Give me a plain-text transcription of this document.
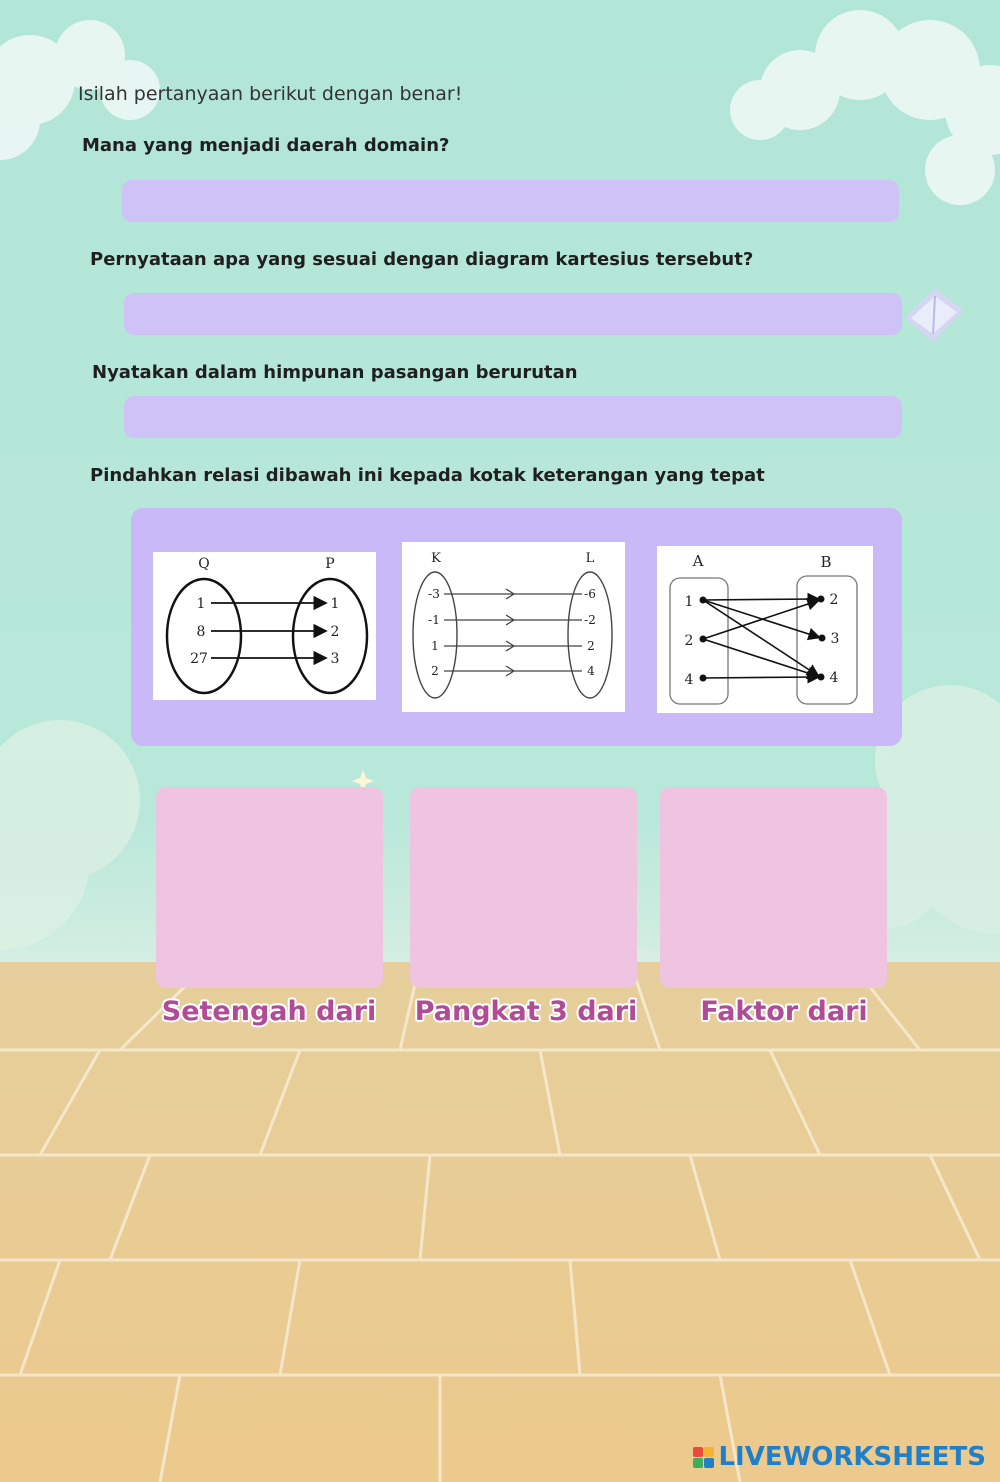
Isilah pertanyaan berikut dengan benar!
Mana yang menjadi daerah domain?
Pernyataan apa yang sesuai dengan diagram kartesius tersebut?
Nyatakan dalam himpunan pasangan berurutan
Pindahkan relasi dibawah ini kepada kotak keterangan yang tepat
Q	P
1
8
27
1
2
3
K	L
-3
-1
1
2
-6
-2
2
4
A	B
1
2
4
2
3
4
Setengah dari	Pangkat 3 dari	Faktor dari
LIVEWORKSHEETS
